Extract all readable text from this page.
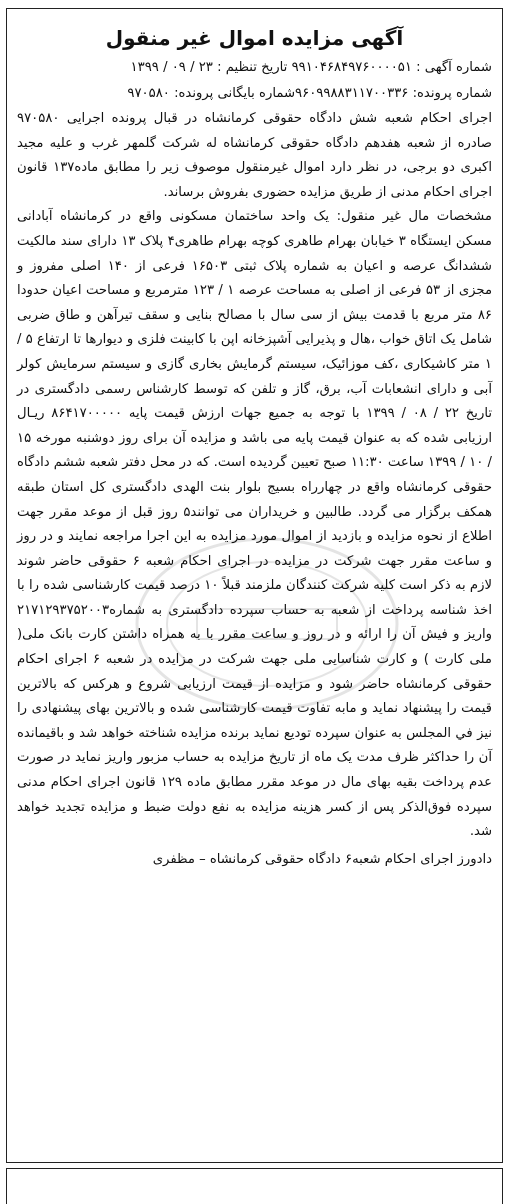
آگهی مزایده اموال غیر منقول
شماره آگهی : ۹۹۱۰۴۶۸۴۹۷۶۰۰۰۰۵۱ تاریخ تنظیم : ۲۳ / ۰۹ / ۱۳۹۹
شماره پرونده: ۹۶۰۹۹۸۸۳۱۱۷۰۰۳۳۶شماره بایگانی پرونده: ۹۷۰۵۸۰

اجرای احکام شعبه شش دادگاه حقوقی کرمانشاه در قبال پرونده اجرایی ۹۷۰۵۸۰ صادره از شعبه هفدهم دادگاه حقوقی کرمانشاه له شرکت گلمهر غرب و علیه مجید اکبری دو برجی، در نظر دارد اموال غیرمنقول موصوف زیر را مطابق ماده۱۳۷ قانون اجرای احکام مدنی از طریق مزایده حضوری بفروش برساند.

مشخصات مال غیر منقول: یک واحد ساختمان مسکونی واقع در کرمانشاه آبادانی مسکن ایستگاه ۳ خیابان بهرام طاهری کوچه بهرام طاهری۴ پلاک ۱۳ دارای سند مالکیت ششدانگ عرصه و اعیان به شماره پلاک ثبتی ۱۶۵۰۳ فرعی از ۱۴۰ اصلی مفروز و مجزی از ۵۳ فرعی از اصلی به مساحت عرصه ۱ / ۱۲۳ مترمربع و مساحت اعیان حدودا ۸۶ متر مربع با قدمت بیش از سی سال با مصالح بنایی و سقف تیرآهن و طاق ضربی شامل یک اتاق خواب ،هال و پذیرایی آشپزخانه اپن با کابینت فلزی و دیوارها تا ارتفاع ۵ / ۱ متر کاشیکاری ،کف موزائیک، سیستم گرمایش بخاری گازی و سیستم سرمایش کولر آبی و دارای انشعابات آب، برق، گاز و تلفن که توسط کارشناس رسمی دادگستری در تاریخ ۲۲ / ۰۸ / ۱۳۹۹ با توجه به جمیع جهات ارزش قیمت پایه ۸۶۴۱۷۰۰۰۰۰ ریـال ارزیابی شده که به عنوان قیمت پایه می باشد و مزایده آن برای روز دوشنبه مورخه ۱۵ / ۱۰ / ۱۳۹۹ ساعت ۱۱:۳۰ صبح تعیین گردیده است. که در محل دفتر شعبه ششم دادگاه حقوقی کرمانشاه واقع در چهارراه بسیج بلوار بنت الهدی دادگستری کل استان طبقه همکف برگزار می گردد. طالبین و خریداران می توانند۵ روز قبل از موعد مقرر جهت اطلاع از نحوه مزایده و بازدید از اموال مورد مزایده به این اجرا مراجعه نمایند و در روز و ساعت مقرر جهت شرکت در مزایده در اجرای احکام شعبه ۶ حقوقی حاضر شوند لازم به ذکر است کلیه شرکت کنندگان ملزمند قبلاً ۱۰ درصد قیمت کارشناسی شده را با اخذ شناسه پرداخت از شعبه به حساب سپرده دادگستری به شماره۲۱۷۱۲۹۳۷۵۲۰۰۳ واریز و فیش آن را ارائه و در روز و ساعت مقرر با به همراه داشتن کارت بانک ملی( ملی کارت ) و کارت شناسایی ملی جهت شرکت در مزایده در شعبه ۶ اجرای احکام حقوقی کرمانشاه حاضر شود و مزایده از قیمت ارزیابی شروع و هرکس که بالاترین قیمت را پیشنهاد نماید و مابه تفاوت قیمت کارشناسی شده و بالاترین بهای پیشنهادی را نیز في المجلس به عنوان سپرده توديع نمايد برنده مزایده شناخته خواهد شد و باقیمانده آن را حداکثر ظرف مدت یک ماه از تاریخ مزایده به حساب مزبور واریز نماید در صورت عدم پرداخت بقیه بهای مال در موعد مقرر مطابق ماده ۱۲۹ قانون اجرای احکام مدنی سپرده فوق‌الذکر پس از کسر هزینه مزایده به نفع دولت ضبط و مزایده تجدید خواهد شد.

دادورز اجرای احکام شعبه۶ دادگاه حقوقی کرمانشاه – مظفری
